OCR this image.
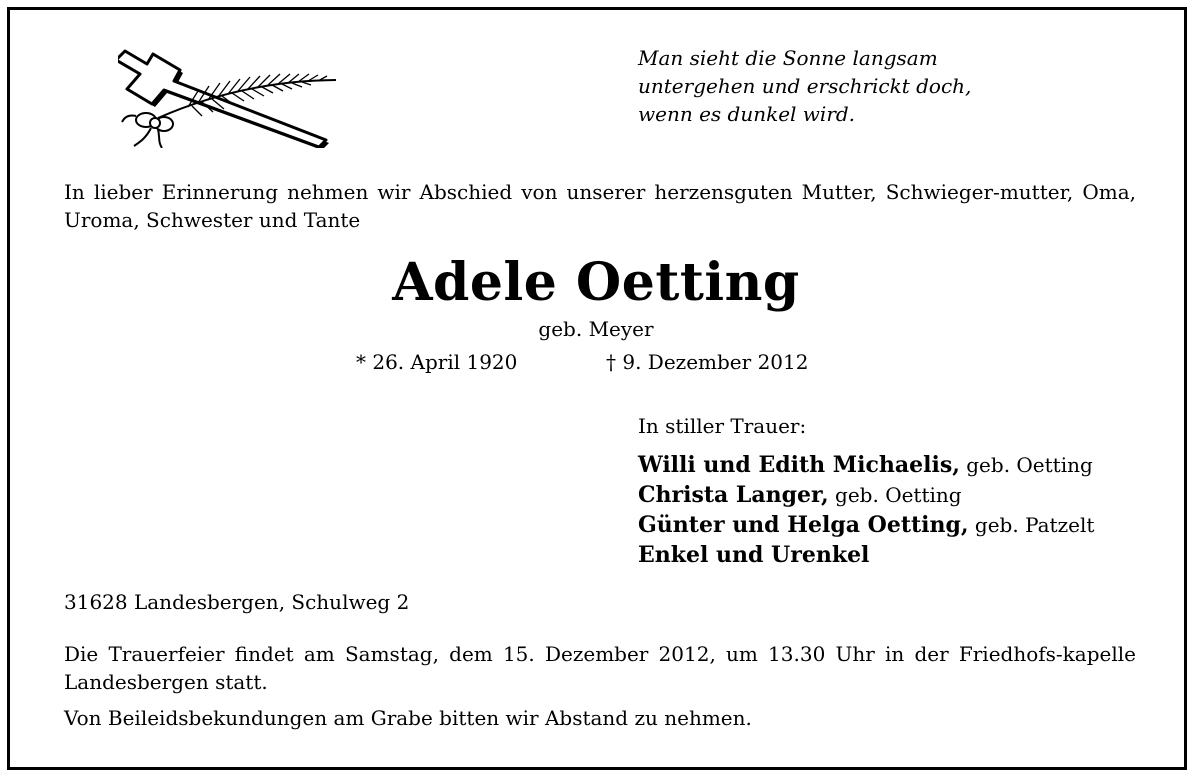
Man sieht die Sonne langsam
untergehen und erschrickt doch,
wenn es dunkel wird.
In lieber Erinnerung nehmen wir Abschied von unserer herzensguten Mutter, Schwieger-mutter, Oma, Uroma, Schwester und Tante
Adele Oetting
geb. Meyer
* 26. April 1920	† 9. Dezember 2012
In stiller Trauer:
Willi und Edith Michaelis, geb. Oetting
Christa Langer, geb. Oetting
Günter und Helga Oetting, geb. Patzelt
Enkel und Urenkel
31628 Landesbergen, Schulweg 2
Die Trauerfeier findet am Samstag, dem 15. Dezember 2012, um 13.30 Uhr in der Friedhofs-kapelle Landesbergen statt.
Von Beileidsbekundungen am Grabe bitten wir Abstand zu nehmen.
